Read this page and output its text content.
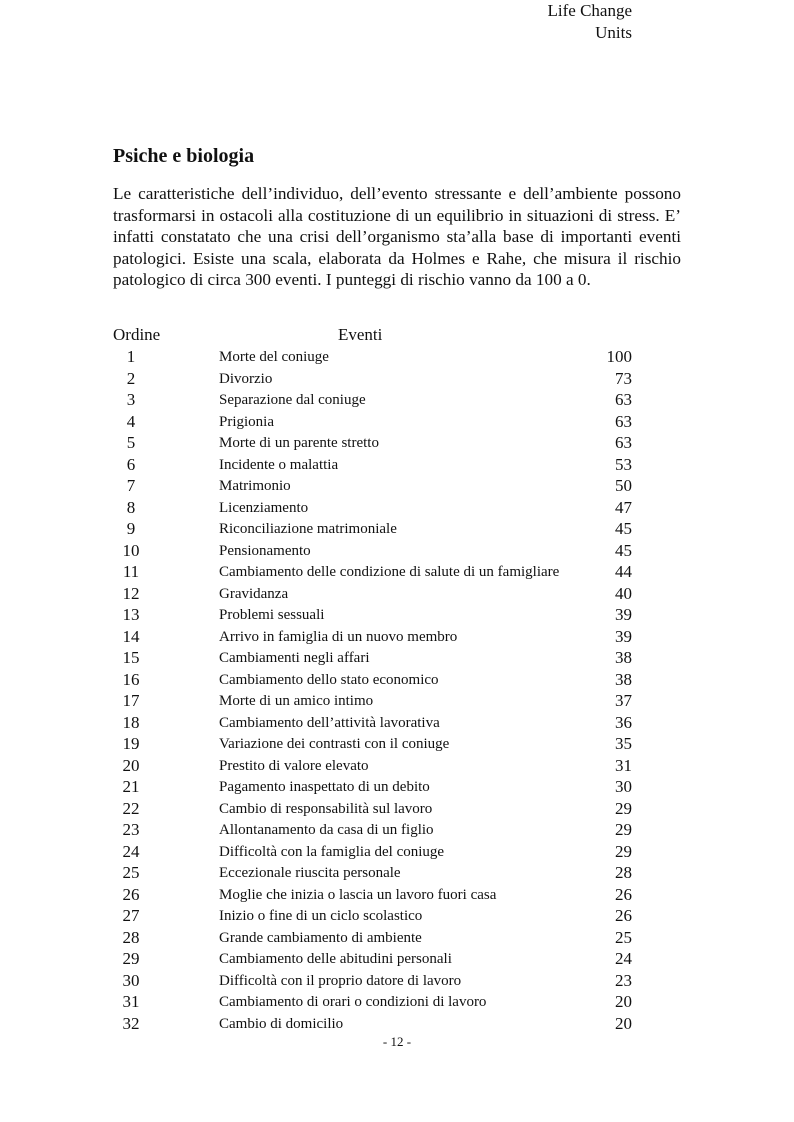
Psiche e biologia

Le caratteristiche dell’individuo, dell’evento stressante e dell’ambiente possono trasformarsi in ostacoli alla costituzione di un equilibrio in situazioni di stress. E’ infatti constatato che una crisi dell’organismo sta’alla base di importanti eventi patologici. Esiste una scala, elaborata da Holmes e Rahe, che misura il rischio patologico di circa 300 eventi. I punteggi di rischio vanno da 100 a 0.

Ordine	Eventi
Life Change Units
1	Morte del coniuge	100
2	Divorzio	73
3	Separazione dal coniuge	63
4	Prigionia	63
5	Morte di un parente stretto	63
6	Incidente o malattia	53
7	Matrimonio	50
8	Licenziamento	47
9	Riconciliazione matrimoniale	45
10	Pensionamento	45
11	Cambiamento delle condizione di salute di un famigliare	44
12	Gravidanza	40
13	Problemi sessuali	39
14	Arrivo in famiglia di un nuovo membro	39
15	Cambiamenti negli affari	38
16	Cambiamento dello stato economico	38
17	Morte di un amico intimo	37
18	Cambiamento dell’attività lavorativa	36
19	Variazione dei contrasti con il coniuge	35
20	Prestito di valore elevato	31
21	Pagamento inaspettato di un debito	30
22	Cambio di responsabilità sul lavoro	29
23	Allontanamento da casa di un figlio	29
24	Difficoltà con la famiglia del coniuge	29
25	Eccezionale riuscita personale	28
26	Moglie che inizia o lascia un lavoro fuori casa	26
27	Inizio o fine di un ciclo scolastico	26
28	Grande cambiamento di ambiente	25
29	Cambiamento delle abitudini personali	24
30	Difficoltà con il proprio datore di lavoro	23
31	Cambiamento di orari o condizioni di lavoro	20
32	Cambio di domicilio	20
- 12 -
